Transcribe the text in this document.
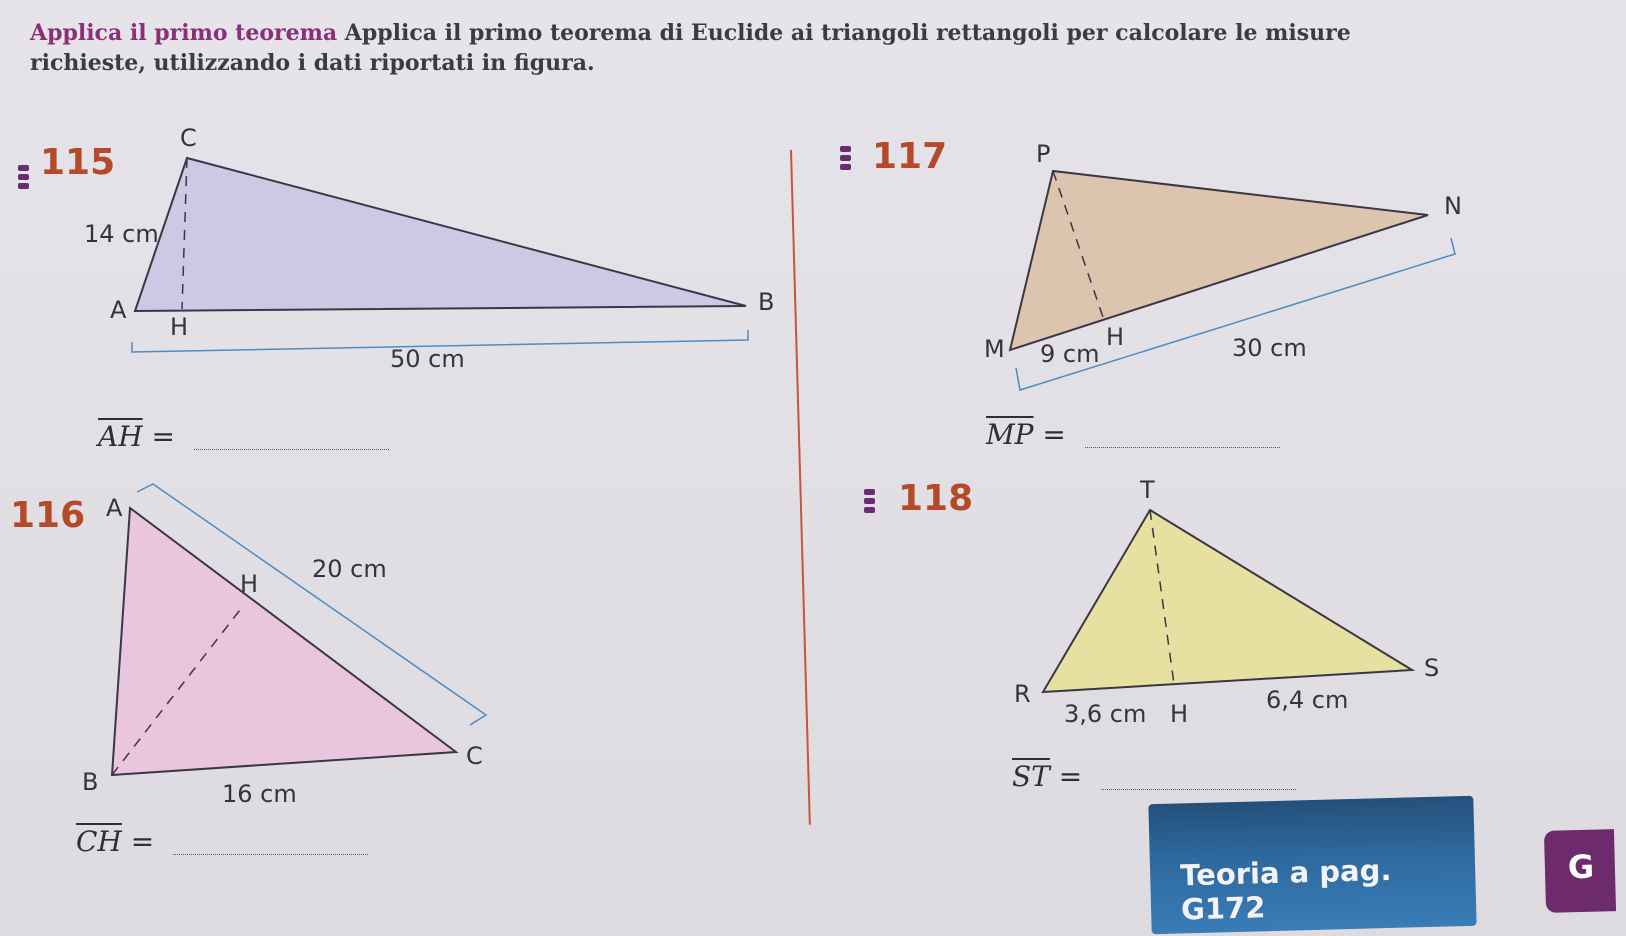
Applica il primo teorema Applica il primo teorema di Euclide ai triangoli rettangoli per calcolare le misure richieste, utilizzando i dati riportati in figura.
115
116
117
118
C
A
H
B
14 cm
50 cm
A
H
B
C
20 cm
16 cm
P
N
M	H
9 cm	30 cm
T
R
S
H
3,6 cm	6,4 cm
$\overline{AH}$ =	$\overline{MP}$ =
$\overline{ST}$ =
$\overline{CH}$ =
Teoria a pag. G172
G
